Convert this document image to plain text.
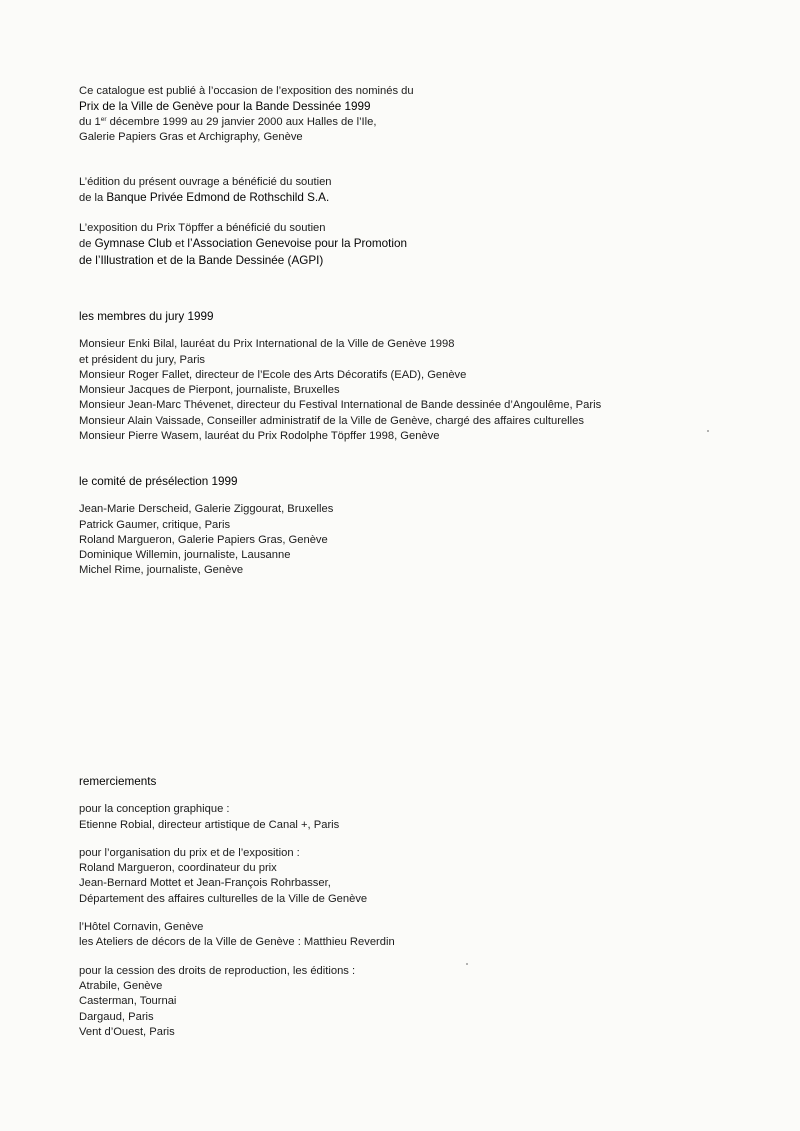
Ce catalogue est publié à l’occasion de l’exposition des nominés du
Prix de la Ville de Genève pour la Bande Dessinée 1999
du 1er décembre 1999 au 29 janvier 2000 aux Halles de l’Ile,
Galerie Papiers Gras et Archigraphy, Genève
L’édition du présent ouvrage a bénéficié du soutien
de la Banque Privée Edmond de Rothschild S.A.
L’exposition du Prix Töpffer a bénéficié du soutien
de Gymnase Club et l’Association Genevoise pour la Promotion
de l’Illustration et de la Bande Dessinée (AGPI)
les membres du jury 1999
Monsieur Enki Bilal, lauréat du Prix International de la Ville de Genève 1998
et président du jury, Paris
Monsieur Roger Fallet, directeur de l’Ecole des Arts Décoratifs (EAD), Genève
Monsieur Jacques de Pierpont, journaliste, Bruxelles
Monsieur Jean-Marc Thévenet, directeur du Festival International de Bande dessinée d’Angoulême, Paris
Monsieur Alain Vaissade, Conseiller administratif de la Ville de Genève, chargé des affaires culturelles
Monsieur Pierre Wasem, lauréat du Prix Rodolphe Töpffer 1998, Genève
le comité de présélection 1999
Jean-Marie Derscheid, Galerie Ziggourat, Bruxelles
Patrick Gaumer, critique, Paris
Roland Margueron, Galerie Papiers Gras, Genève
Dominique Willemin, journaliste, Lausanne
Michel Rime, journaliste, Genève
remerciements
pour la conception graphique :
Etienne Robial, directeur artistique de Canal +, Paris
pour l’organisation du prix et de l’exposition :
Roland Margueron, coordinateur du prix
Jean-Bernard Mottet et Jean-François Rohrbasser,
Département des affaires culturelles de la Ville de Genève
l’Hôtel Cornavin, Genève
les Ateliers de décors de la Ville de Genève : Matthieu Reverdin
pour la cession des droits de reproduction, les éditions :
Atrabile, Genève
Casterman, Tournai
Dargaud, Paris
Vent d’Ouest, Paris
